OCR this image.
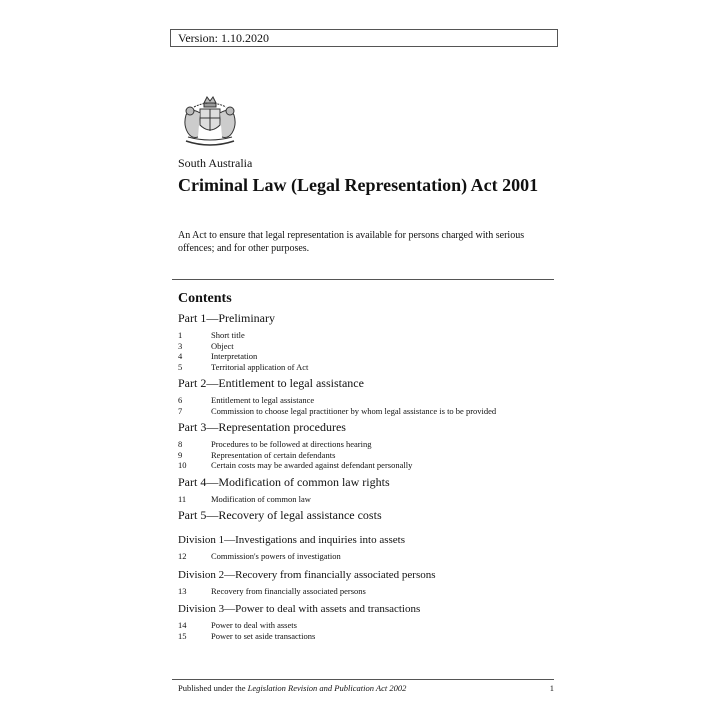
Version: 1.10.2020
South Australia
Criminal Law (Legal Representation) Act 2001
An Act to ensure that legal representation is available for persons charged with serious offences; and for other purposes.
Contents
Part 1—Preliminary
1	Short title
3	Object
4	Interpretation
5	Territorial application of Act
Part 2—Entitlement to legal assistance
6	Entitlement to legal assistance
7	Commission to choose legal practitioner by whom legal assistance is to be provided
Part 3—Representation procedures
8	Procedures to be followed at directions hearing
9	Representation of certain defendants
10	Certain costs may be awarded against defendant personally
Part 4—Modification of common law rights
11	Modification of common law
Part 5—Recovery of legal assistance costs
Division 1—Investigations and inquiries into assets
12	Commission's powers of investigation
Division 2—Recovery from financially associated persons
13	Recovery from financially associated persons
Division 3—Power to deal with assets and transactions
14	Power to deal with assets
15	Power to set aside transactions
Published under the Legislation Revision and Publication Act 2002	1
